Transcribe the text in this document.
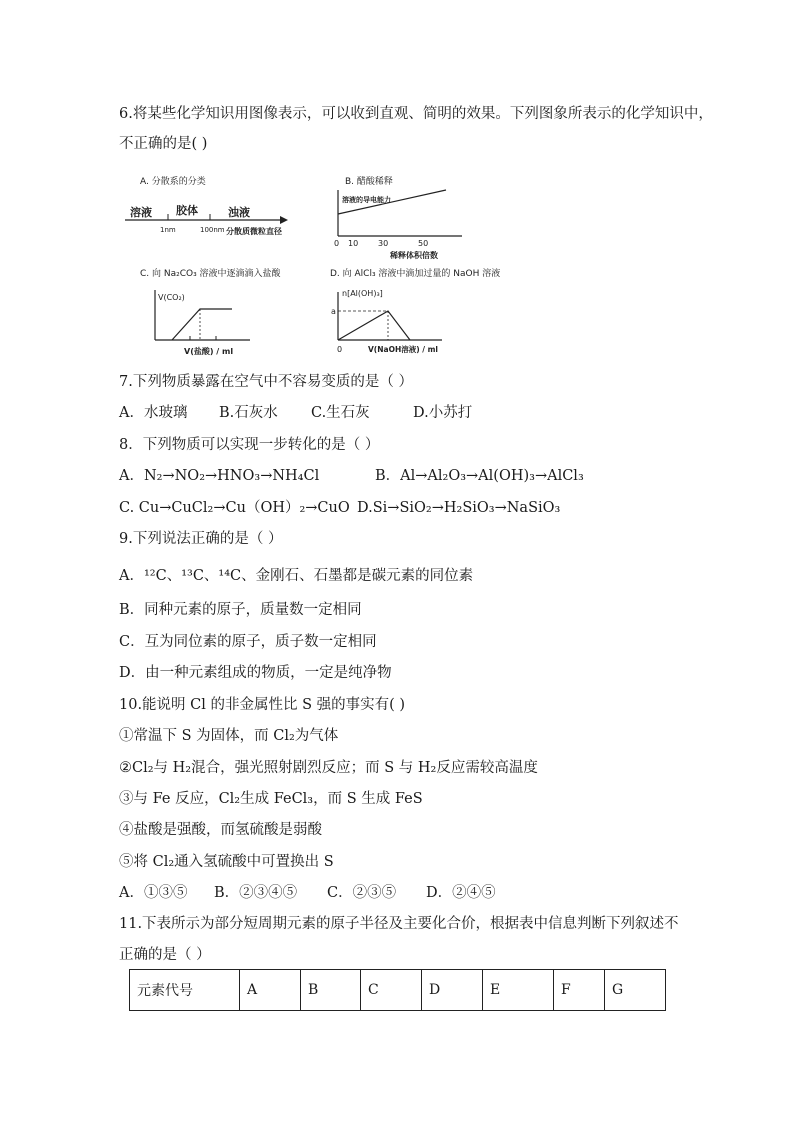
6.将某些化学知识用图像表示，可以收到直观、简明的效果。下列图象所表示的化学知识中，
不正确的是( )
A. 分散系的分类
溶液 胶体	浊液
1nm	100nm 分散质微粒直径
B. 醋酸稀释
溶液的导电能力
0 10 30	50
稀释体积倍数
C. 向 Na₂CO₃ 溶液中逐滴滴入盐酸
V(CO₂)
V(盐酸) / ml
D. 向 AlCl₃ 溶液中滴加过量的 NaOH 溶液
n[Al(OH)₃]
a
0	V(NaOH溶液) / ml
7.下列物质暴露在空气中不容易变质的是（ ）
A．水玻璃 B.石灰水 C.生石灰	D.小苏打
8．下列物质可以实现一步转化的是（ ）
A．N₂→NO₂→HNO₃→NH₄Cl	B．Al→Al₂O₃→Al(OH)₃→AlCl₃
C. Cu→CuCl₂→Cu（OH）₂→CuO D.Si→SiO₂→H₂SiO₃→NaSiO₃
9.下列说法正确的是（ ）
A．¹²C、¹³C、¹⁴C、金刚石、石墨都是碳元素的同位素
B．同种元素的原子，质量数一定相同
C．互为同位素的原子，质子数一定相同
D．由一种元素组成的物质，一定是纯净物
10.能说明 Cl 的非金属性比 S 强的事实有( )
①常温下 S 为固体，而 Cl₂为气体
②Cl₂与 H₂混合，强光照射剧烈反应；而 S 与 H₂反应需较高温度
③与 Fe 反应，Cl₂生成 FeCl₃，而 S 生成 FeS
④盐酸是强酸，而氢硫酸是弱酸
⑤将 Cl₂通入氢硫酸中可置换出 S
A．①③⑤ B．②③④⑤ C．②③⑤ D．②④⑤
11.下表所示为部分短周期元素的原子半径及主要化合价，根据表中信息判断下列叙述不正确的是（ ）
元素代号	A	B	C	D	E	F	G
